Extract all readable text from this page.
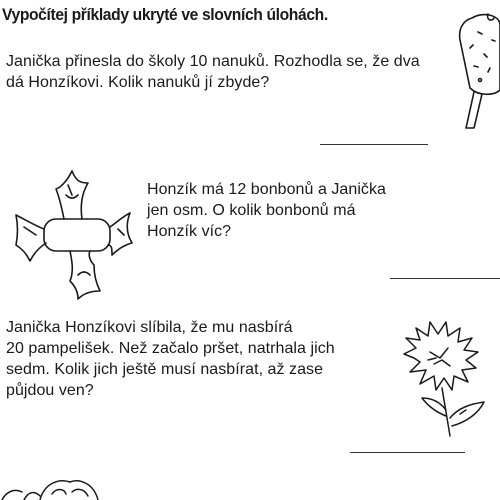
Vypočítej příklady ukryté ve slovních úlohách.

Janička přinesla do školy 10 nanuků. Rozhodla se, že dva
dá Honzíkovi. Kolik nanuků jí zbyde?

Honzík má 12 bonbonů a Janička
jen osm. O kolik bonbonů má
Honzík víc?

Janička Honzíkovi slíbila, že mu nasbírá
20 pampelišek. Než začalo pršet, natrhala jich
sedm. Kolik jich ještě musí nasbírat, až zase
půjdou ven?
